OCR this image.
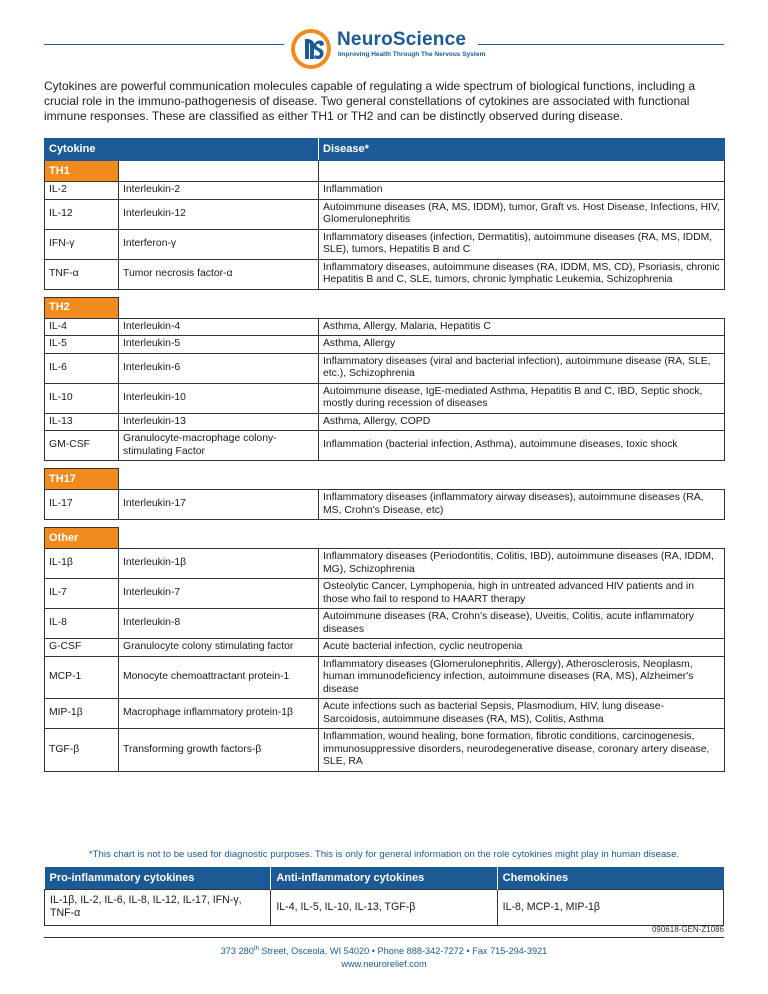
NeuroScience
Improving Health Through The Nervous System

Cytokines are powerful communication molecules capable of regulating a wide spectrum of biological functions, including a crucial role in the immuno-pathogenesis of disease. Two general constellations of cytokines are associated with functional immune responses. These are classified as either TH1 or TH2 and can be distinctly observed during disease.

Cytokine		Disease*
TH1		
IL-2	Interleukin-2	Inflammation
IL-12	Interleukin-12	Autoimmune diseases (RA, MS, IDDM), tumor, Graft vs. Host Disease, Infections, HIV, Glomerulonephritis
IFN-γ	Interferon-γ	Inflammatory diseases (infection, Dermatitis), autoimmune diseases (RA, MS, IDDM, SLE), tumors, Hepatitis B and C
TNF-α	Tumor necrosis factor-α	Inflammatory diseases, autoimmune diseases (RA, IDDM, MS, CD), Psoriasis, chronic Hepatitis B and C, SLE, tumors, chronic lymphatic Leukemia, Schizophrenia

TH2		
IL-4	Interleukin-4	Asthma, Allergy, Malaria, Hepatitis C
IL-5	Interleukin-5	Asthma, Allergy
IL-6	Interleukin-6	Inflammatory diseases (viral and bacterial infection), autoimmune disease (RA, SLE, etc.), Schizophrenia
IL-10	Interleukin-10	Autoimmune disease, IgE-mediated Asthma, Hepatitis B and C, IBD, Septic shock, mostly during recession of diseases
IL-13	Interleukin-13	Asthma, Allergy, COPD
GM-CSF	Granulocyte-macrophage colony-stimulating Factor	Inflammation (bacterial infection, Asthma), autoimmune diseases, toxic shock

TH17		
IL-17	Interleukin-17	Inflammatory diseases (inflammatory airway diseases), autoimmune diseases (RA, MS, Crohn's Disease, etc)

Other		
IL-1β	Interleukin-1β	Inflammatory diseases (Periodontitis, Colitis, IBD), autoimmune diseases (RA, IDDM, MG), Schizophrenia
IL-7	Interleukin-7	Osteolytic Cancer, Lymphopenia, high in untreated advanced HIV patients and in those who fail to respond to HAART therapy
IL-8	Interleukin-8	Autoimmune diseases (RA, Crohn's disease), Uveitis, Colitis, acute inflammatory diseases
G-CSF	Granulocyte colony stimulating factor	Acute bacterial infection, cyclic neutropenia
MCP-1	Monocyte chemoattractant protein-1	Inflammatory diseases (Glomerulonephritis, Allergy), Atherosclerosis, Neoplasm, human immunodeficiency infection, autoimmune diseases (RA, MS), Alzheimer's disease
MIP-1β	Macrophage inflammatory protein-1β	Acute infections such as bacterial Sepsis, Plasmodium, HIV, lung disease-Sarcoidosis, autoimmune diseases (RA, MS), Colitis, Asthma
TGF-β	Transforming growth factors-β	Inflammation, wound healing, bone formation, fibrotic conditions, carcinogenesis, immunosuppressive disorders, neurodegenerative disease, coronary artery disease, SLE, RA
*This chart is not to be used for diagnostic purposes. This is only for general information on the role cytokines might play in human disease.
Pro-inflammatory cytokines	Anti-inflammatory cytokines	Chemokines
IL-1β, IL-2, IL-6, IL-8, IL-12, IL-17, IFN-γ, TNF-α	IL-4, IL-5, IL-10, IL-13, TGF-β	IL-8, MCP-1, MIP-1β
090618-GEN-Z1086
373 280th Street, Osceola, WI 54020 • Phone 888-342-7272 • Fax 715-294-3921
www.neurorelief.com
